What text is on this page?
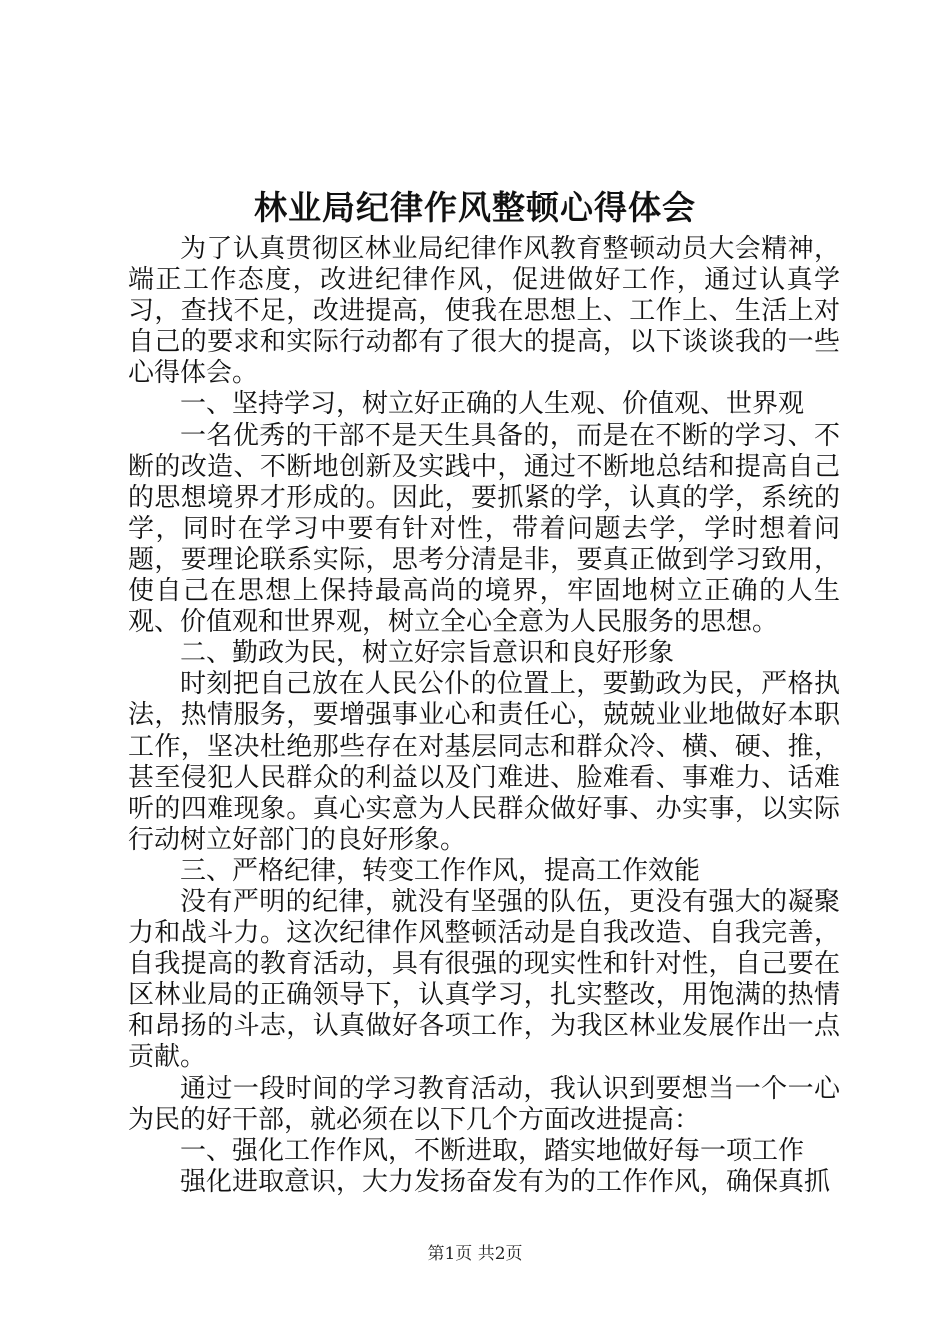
林业局纪律作风整顿心得体会

为了认真贯彻区林业局纪律作风教育整顿动员大会精神，端正工作态度，改进纪律作风，促进做好工作，通过认真学习，查找不足，改进提高，使我在思想上、工作上、生活上对自己的要求和实际行动都有了很大的提高，以下谈谈我的一些心得体会。

一、坚持学习，树立好正确的人生观、价值观、世界观

一名优秀的干部不是天生具备的，而是在不断的学习、不断的改造、不断地创新及实践中，通过不断地总结和提高自己的思想境界才形成的。因此，要抓紧的学，认真的学，系统的学，同时在学习中要有针对性，带着问题去学，学时想着问题，要理论联系实际，思考分清是非，要真正做到学习致用，使自己在思想上保持最高尚的境界，牢固地树立正确的人生观、价值观和世界观，树立全心全意为人民服务的思想。

二、勤政为民，树立好宗旨意识和良好形象

时刻把自己放在人民公仆的位置上，要勤政为民，严格执法，热情服务，要增强事业心和责任心，兢兢业业地做好本职工作，坚决杜绝那些存在对基层同志和群众冷、横、硬、推，甚至侵犯人民群众的利益以及门难进、脸难看、事难力、话难听的四难现象。真心实意为人民群众做好事、办实事，以实际行动树立好部门的良好形象。

三、严格纪律，转变工作作风，提高工作效能

没有严明的纪律，就没有坚强的队伍，更没有强大的凝聚力和战斗力。这次纪律作风整顿活动是自我改造、自我完善，自我提高的教育活动，具有很强的现实性和针对性，自己要在区林业局的正确领导下，认真学习，扎实整改，用饱满的热情和昂扬的斗志，认真做好各项工作，为我区林业发展作出一点贡献。

通过一段时间的学习教育活动，我认识到要想当一个一心为民的好干部，就必须在以下几个方面改进提高：

一、强化工作作风，不断进取，踏实地做好每一项工作

强化进取意识，大力发扬奋发有为的工作作风，确保真抓

第1页 共2页
